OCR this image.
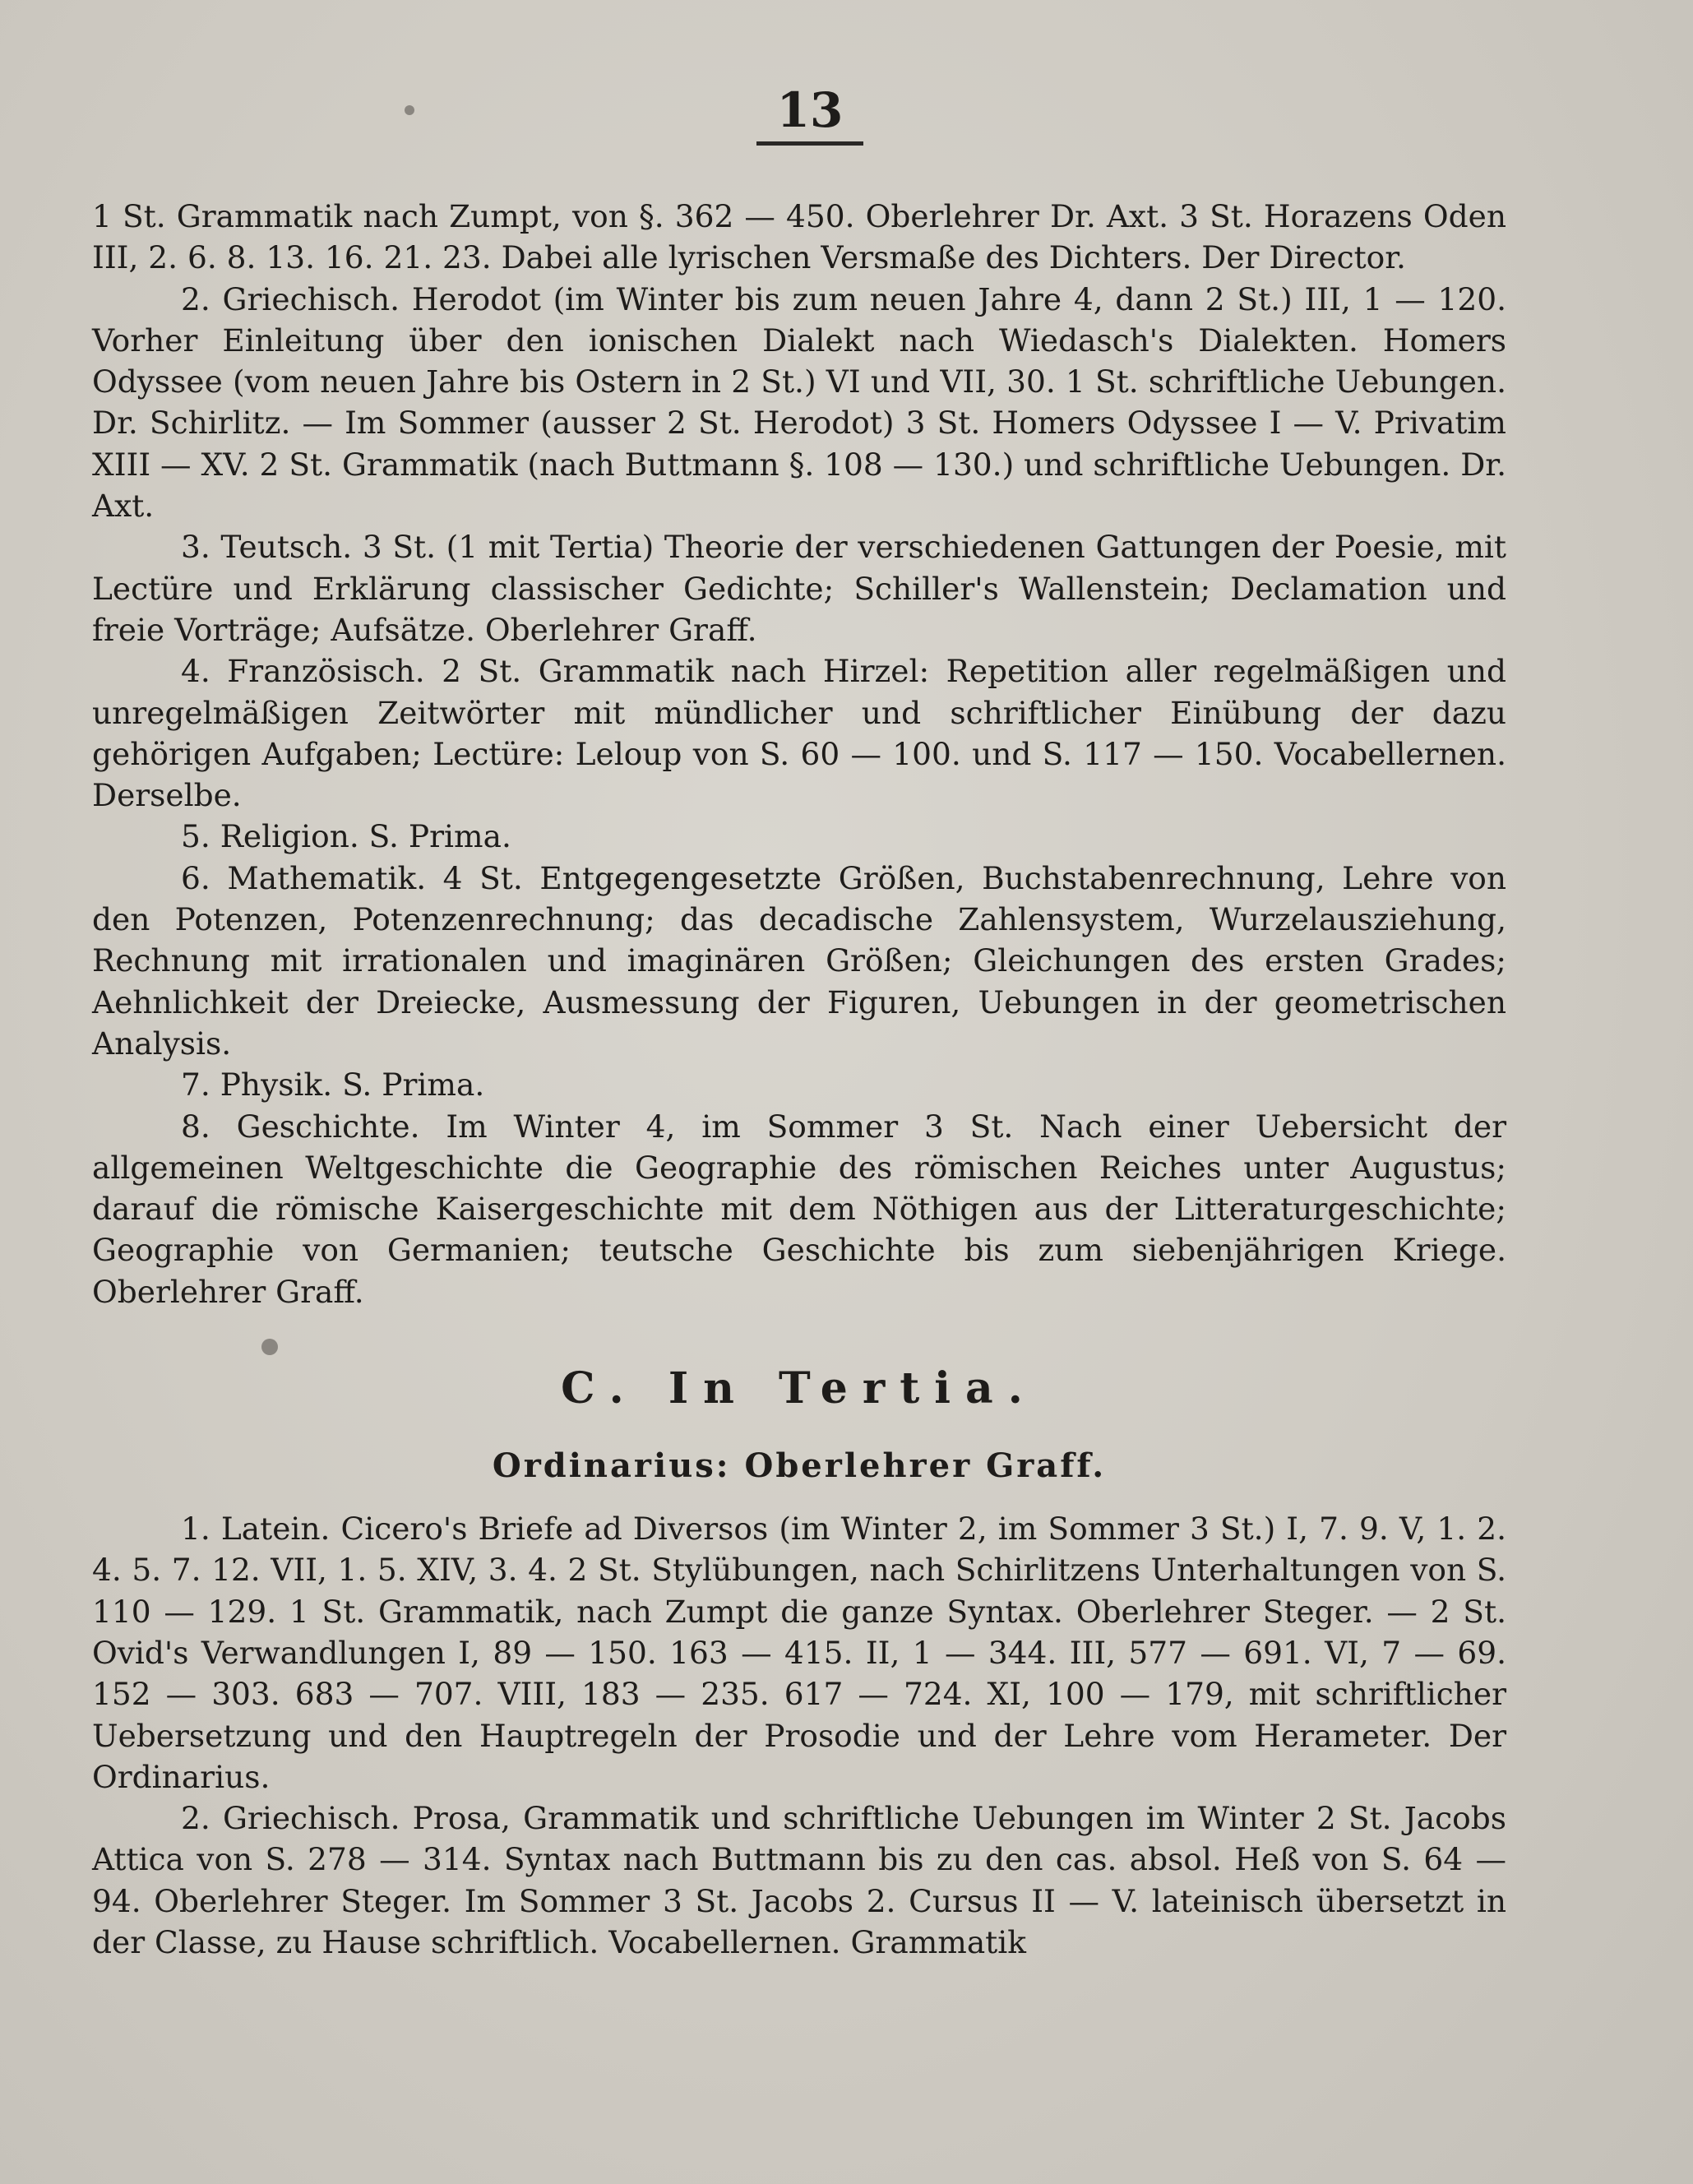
13

1 St. Grammatik nach Zumpt, von §. 362 — 450. Oberlehrer Dr. Axt. 3 St. Horazens Oden III, 2. 6. 8. 13. 16. 21. 23. Dabei alle lyrischen Versmaße des Dichters. Der Director.

2. Griechisch. Herodot (im Winter bis zum neuen Jahre 4, dann 2 St.) III, 1 — 120. Vorher Einleitung über den ionischen Dialekt nach Wiedasch's Dialekten. Homers Odyssee (vom neuen Jahre bis Ostern in 2 St.) VI und VII, 30. 1 St. schriftliche Uebungen. Dr. Schirlitz. — Im Sommer (ausser 2 St. Herodot) 3 St. Homers Odyssee I — V. Privatim XIII — XV. 2 St. Grammatik (nach Buttmann §. 108 — 130.) und schriftliche Uebungen. Dr. Axt.

3. Teutsch. 3 St. (1 mit Tertia) Theorie der verschiedenen Gattungen der Poesie, mit Lectüre und Erklärung classischer Gedichte; Schiller's Wallenstein; Declamation und freie Vorträge; Aufsätze. Oberlehrer Graff.

4. Französisch. 2 St. Grammatik nach Hirzel: Repetition aller regelmäßigen und unregelmäßigen Zeitwörter mit mündlicher und schriftlicher Einübung der dazu gehörigen Aufgaben; Lectüre: Leloup von S. 60 — 100. und S. 117 — 150. Vocabellernen. Derselbe.

5. Religion. S. Prima.

6. Mathematik. 4 St. Entgegengesetzte Größen, Buchstabenrechnung, Lehre von den Potenzen, Potenzenrechnung; das decadische Zahlensystem, Wurzelausziehung, Rechnung mit irrationalen und imaginären Größen; Gleichungen des ersten Grades; Aehnlichkeit der Dreiecke, Ausmessung der Figuren, Uebungen in der geometrischen Analysis.

7. Physik. S. Prima.

8. Geschichte. Im Winter 4, im Sommer 3 St. Nach einer Uebersicht der allgemeinen Weltgeschichte die Geographie des römischen Reiches unter Augustus; darauf die römische Kaisergeschichte mit dem Nöthigen aus der Litteraturgeschichte; Geographie von Germanien; teutsche Geschichte bis zum siebenjährigen Kriege. Oberlehrer Graff.

C. In Tertia.
Ordinarius: Oberlehrer Graff.

1. Latein. Cicero's Briefe ad Diversos (im Winter 2, im Sommer 3 St.) I, 7. 9. V, 1. 2. 4. 5. 7. 12. VII, 1. 5. XIV, 3. 4. 2 St. Stylübungen, nach Schirlitzens Unterhaltungen von S. 110 — 129. 1 St. Grammatik, nach Zumpt die ganze Syntax. Oberlehrer Steger. — 2 St. Ovid's Verwandlungen I, 89 — 150. 163 — 415. II, 1 — 344. III, 577 — 691. VI, 7 — 69. 152 — 303. 683 — 707. VIII, 183 — 235. 617 — 724. XI, 100 — 179, mit schriftlicher Uebersetzung und den Hauptregeln der Prosodie und der Lehre vom Herameter. Der Ordinarius.

2. Griechisch. Prosa, Grammatik und schriftliche Uebungen im Winter 2 St. Jacobs Attica von S. 278 — 314. Syntax nach Buttmann bis zu den cas. absol. Heß von S. 64 — 94. Oberlehrer Steger. Im Sommer 3 St. Jacobs 2. Cursus II — V. lateinisch übersetzt in der Classe, zu Hause schriftlich. Vocabellernen. Grammatik
